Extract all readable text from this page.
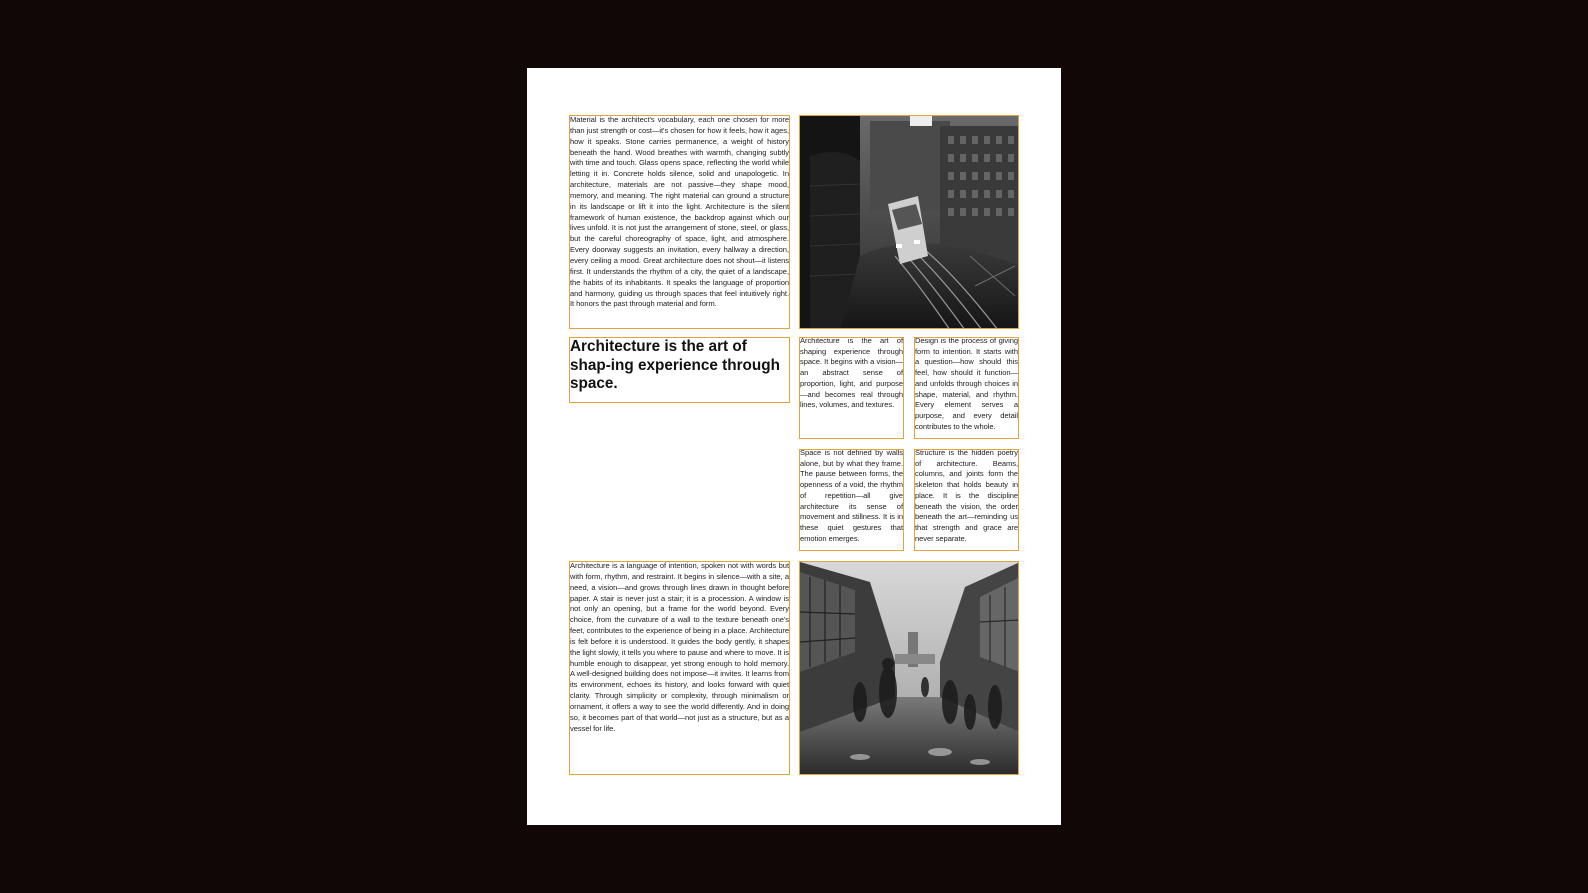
Material is the architect's vocabulary, each one chosen for more than just strength or cost—it's chosen for how it feels, how it ages, how it speaks. Stone carries permanence, a weight of history beneath the hand. Wood breathes with warmth, changing subtly with time and touch. Glass opens space, reflecting the world while letting it in. Concrete holds silence, solid and unapologetic. In architecture, materials are not passive—they shape mood, memory, and meaning. The right material can ground a structure in its landscape or lift it into the light. Architecture is the silent framework of human existence, the backdrop against which our lives unfold. It is not just the arrangement of stone, steel, or glass, but the careful choreography of space, light, and atmosphere. Every doorway suggests an invitation, every hallway a direction, every ceiling a mood. Great architecture does not shout—it listens first. It understands the rhythm of a city, the quiet of a landscape, the habits of its inhabitants. It speaks the language of proportion and harmony, guiding us through spaces that feel intuitively right. It honors the past through material and form.

Architecture is the art of shap-ing experience through space.

Architecture is the art of shaping experience through space. It begins with a vision—an abstract sense of proportion, light, and purpose—and becomes real through lines, volumes, and textures.

Design is the process of giving form to intention. It starts with a question—how should this feel, how should it function—and unfolds through choices in shape, material, and rhythm. Every element serves a purpose, and every detail contributes to the whole.

Space is not defined by walls alone, but by what they frame. The pause between forms, the openness of a void, the rhythm of repetition—all give architecture its sense of movement and stillness. It is in these quiet gestures that emotion emerges.

Structure is the hidden poetry of architecture. Beams, columns, and joints form the skeleton that holds beauty in place. It is the discipline beneath the vision, the order beneath the art—reminding us that strength and grace are never separate.

Architecture is a language of intention, spoken not with words but with form, rhythm, and restraint. It begins in silence—with a site, a need, a vision—and grows through lines drawn in thought before paper. A stair is never just a stair; it is a procession. A window is not only an opening, but a frame for the world beyond. Every choice, from the curvature of a wall to the texture beneath one's feet, contributes to the experience of being in a place. Architecture is felt before it is understood. It guides the body gently, it shapes the light slowly, it tells you where to pause and where to move. It is humble enough to disappear, yet strong enough to hold memory. A well-designed building does not impose—it invites. It learns from its environment, echoes its history, and looks forward with quiet clarity. Through simplicity or complexity, through minimalism or ornament, it offers a way to see the world differently. And in doing so, it becomes part of that world—not just as a structure, but as a vessel for life.
